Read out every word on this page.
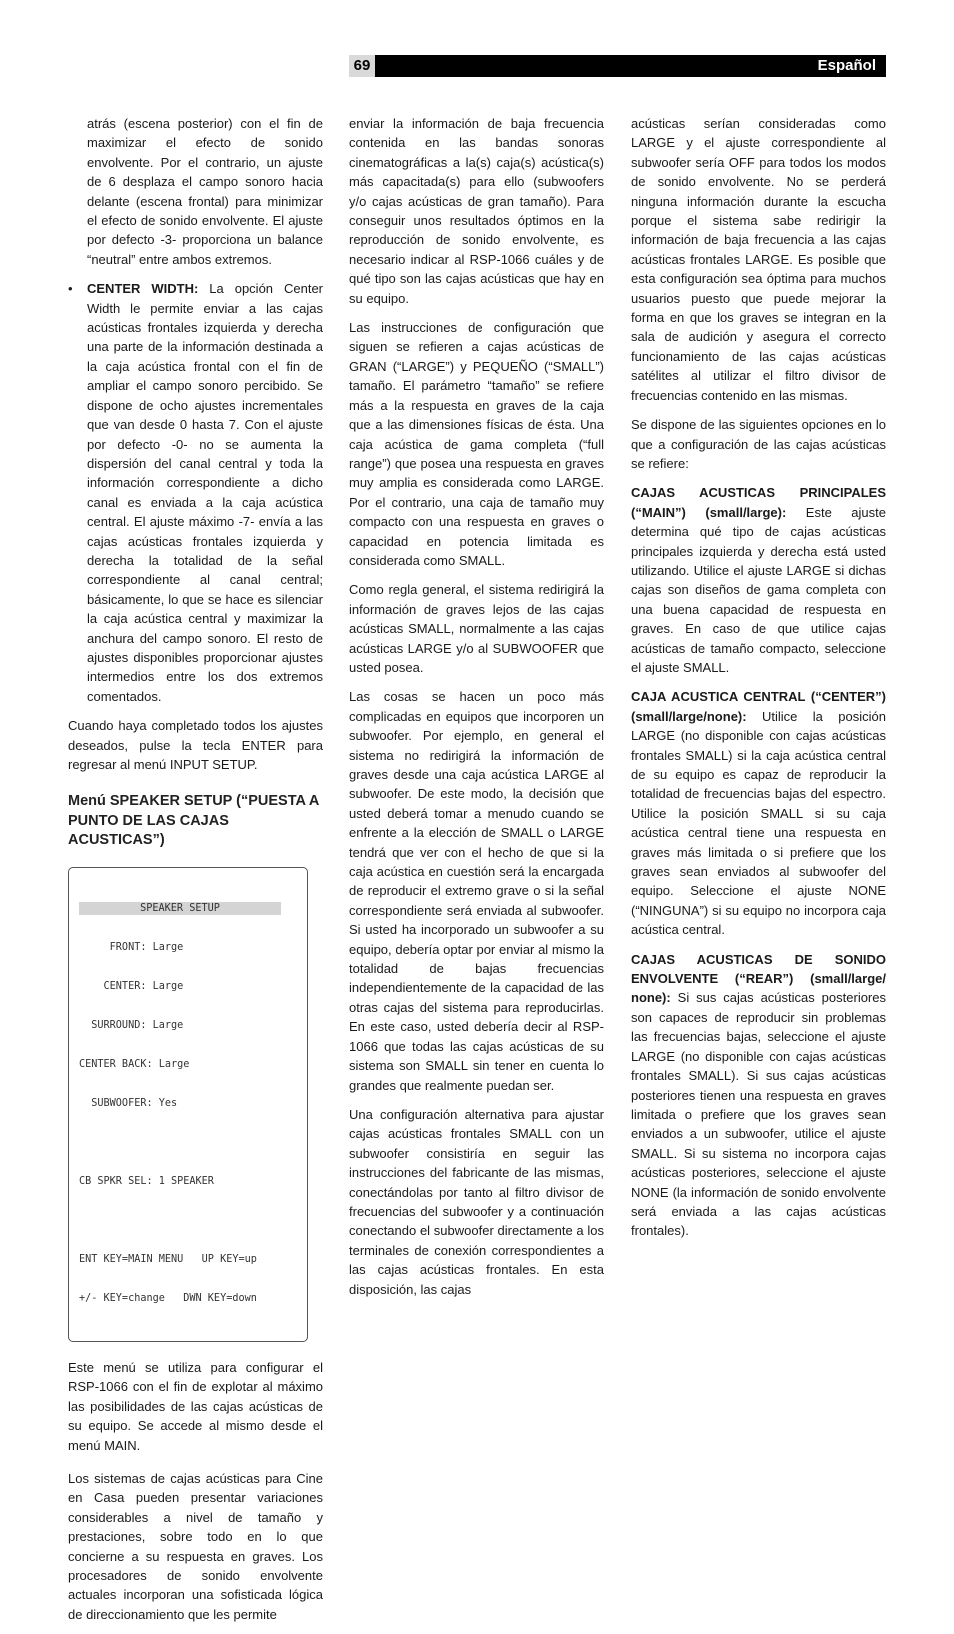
69	Español

atrás (escena posterior) con el fin de maximizar el efecto de sonido envolvente. Por el contrario, un ajuste de 6 desplaza el campo sonoro hacia delante (escena frontal) para minimizar el efecto de sonido envolvente. El ajuste por defecto -3- proporciona un balance “neutral” entre ambos extremos.

• CENTER WIDTH: La opción Center Width le permite enviar a las cajas acústicas frontales izquierda y derecha una parte de la información destinada a la caja acústica frontal con el fin de ampliar el campo sonoro percibido. Se dispone de ocho ajustes incrementales que van desde 0 hasta 7. Con el ajuste por defecto -0- no se aumenta la dispersión del canal central y toda la información correspondiente a dicho canal es enviada a la caja acústica central. El ajuste máximo -7- envía a las cajas acústicas frontales izquierda y derecha la totalidad de la señal correspondiente al canal central; básicamente, lo que se hace es silenciar la caja acústica central y maximizar la anchura del campo sonoro. El resto de ajustes disponibles proporcionar ajustes intermedios entre los dos extremos comentados.

Cuando haya completado todos los ajustes deseados, pulse la tecla ENTER para regresar al menú INPUT SETUP.

Menú SPEAKER SETUP (“PUESTA A PUNTO DE LAS CAJAS ACUSTICAS”)

SPEAKER SETUP

FRONT: Large

CENTER: Large

SURROUND: Large

CENTER BACK: Large

SUBWOOFER: Yes

CB SPKR SEL: 1 SPEAKER

ENT KEY=MAIN MENU   UP KEY=up

+/- KEY=change   DWN KEY=down

Este menú se utiliza para configurar el RSP-1066 con el fin de explotar al máximo las posibilidades de las cajas acústicas de su equipo. Se accede al mismo desde el menú MAIN.

Los sistemas de cajas acústicas para Cine en Casa pueden presentar variaciones considerables a nivel de tamaño y prestaciones, sobre todo en lo que concierne a su respuesta en graves. Los procesadores de sonido envolvente actuales incorporan una sofisticada lógica de direccionamiento que les permite

enviar la información de baja frecuencia contenida en las bandas sonoras cinematográficas a la(s) caja(s) acústica(s) más capacitada(s) para ello (subwoofers y/o cajas acústicas de gran tamaño). Para conseguir unos resultados óptimos en la reproducción de sonido envolvente, es necesario indicar al RSP-1066 cuáles y de qué tipo son las cajas acústicas que hay en su equipo.

Las instrucciones de configuración que siguen se refieren a cajas acústicas de GRAN (“LARGE”) y PEQUEÑO (“SMALL”) tamaño. El parámetro “tamaño” se refiere más a la respuesta en graves de la caja que a las dimensiones físicas de ésta. Una caja acústica de gama completa (“full range”) que posea una respuesta en graves muy amplia es considerada como LARGE. Por el contrario, una caja de tamaño muy compacto con una respuesta en graves o capacidad en potencia limitada es considerada como SMALL.

Como regla general, el sistema redirigirá la información de graves lejos de las cajas acústicas SMALL, normalmente a las cajas acústicas LARGE y/o al SUBWOOFER que usted posea.

Las cosas se hacen un poco más complicadas en equipos que incorporen un subwoofer. Por ejemplo, en general el sistema no redirigirá la información de graves desde una caja acústica LARGE al subwoofer. De este modo, la decisión que usted deberá tomar a menudo cuando se enfrente a la elección de SMALL o LARGE tendrá que ver con el hecho de que si la caja acústica en cuestión será la encargada de reproducir el extremo grave o si la señal correspondiente será enviada al subwoofer. Si usted ha incorporado un subwoofer a su equipo, debería optar por enviar al mismo la totalidad de bajas frecuencias independientemente de la capacidad de las otras cajas del sistema para reproducirlas. En este caso, usted debería decir al RSP-1066 que todas las cajas acústicas de su sistema son SMALL sin tener en cuenta lo grandes que realmente puedan ser.

Una configuración alternativa para ajustar cajas acústicas frontales SMALL con un subwoofer consistiría en seguir las instrucciones del fabricante de las mismas, conectándolas por tanto al filtro divisor de frecuencias del subwoofer y a continuación conectando el subwoofer directamente a los terminales de conexión correspondientes a las cajas acústicas frontales. En esta disposición, las cajas

acústicas serían consideradas como LARGE y el ajuste correspondiente al subwoofer sería OFF para todos los modos de sonido envolvente. No se perderá ninguna información durante la escucha porque el sistema sabe redirigir la información de baja frecuencia a las cajas acústicas frontales LARGE. Es posible que esta configuración sea óptima para muchos usuarios puesto que puede mejorar la forma en que los graves se integran en la sala de audición y asegura el correcto funcionamiento de las cajas acústicas satélites al utilizar el filtro divisor de frecuencias contenido en las mismas.

Se dispone de las siguientes opciones en lo que a configuración de las cajas acústicas se refiere:

CAJAS ACUSTICAS PRINCIPALES (“MAIN”) (small/large): Este ajuste determina qué tipo de cajas acústicas principales izquierda y derecha está usted utilizando. Utilice el ajuste LARGE si dichas cajas son diseños de gama completa con una buena capacidad de respuesta en graves. En caso de que utilice cajas acústicas de tamaño compacto, seleccione el ajuste SMALL.

CAJA ACUSTICA CENTRAL (“CENTER”) (small/large/none): Utilice la posición LARGE (no disponible con cajas acústicas frontales SMALL) si la caja acústica central de su equipo es capaz de reproducir la totalidad de frecuencias bajas del espectro. Utilice la posición SMALL si su caja acústica central tiene una respuesta en graves más limitada o si prefiere que los graves sean enviados al subwoofer del equipo. Seleccione el ajuste NONE (“NINGUNA”) si su equipo no incorpora caja acústica central.

CAJAS ACUSTICAS DE SONIDO ENVOLVENTE (“REAR”) (small/large/ none): Si sus cajas acústicas posteriores son capaces de reproducir sin problemas las frecuencias bajas, seleccione el ajuste LARGE (no disponible con cajas acústicas frontales SMALL). Si sus cajas acústicas posteriores tienen una respuesta en graves limitada o prefiere que los graves sean enviados a un subwoofer, utilice el ajuste SMALL. Si su sistema no incorpora cajas acústicas posteriores, seleccione el ajuste NONE (la información de sonido envolvente será enviada a las cajas acústicas frontales).
